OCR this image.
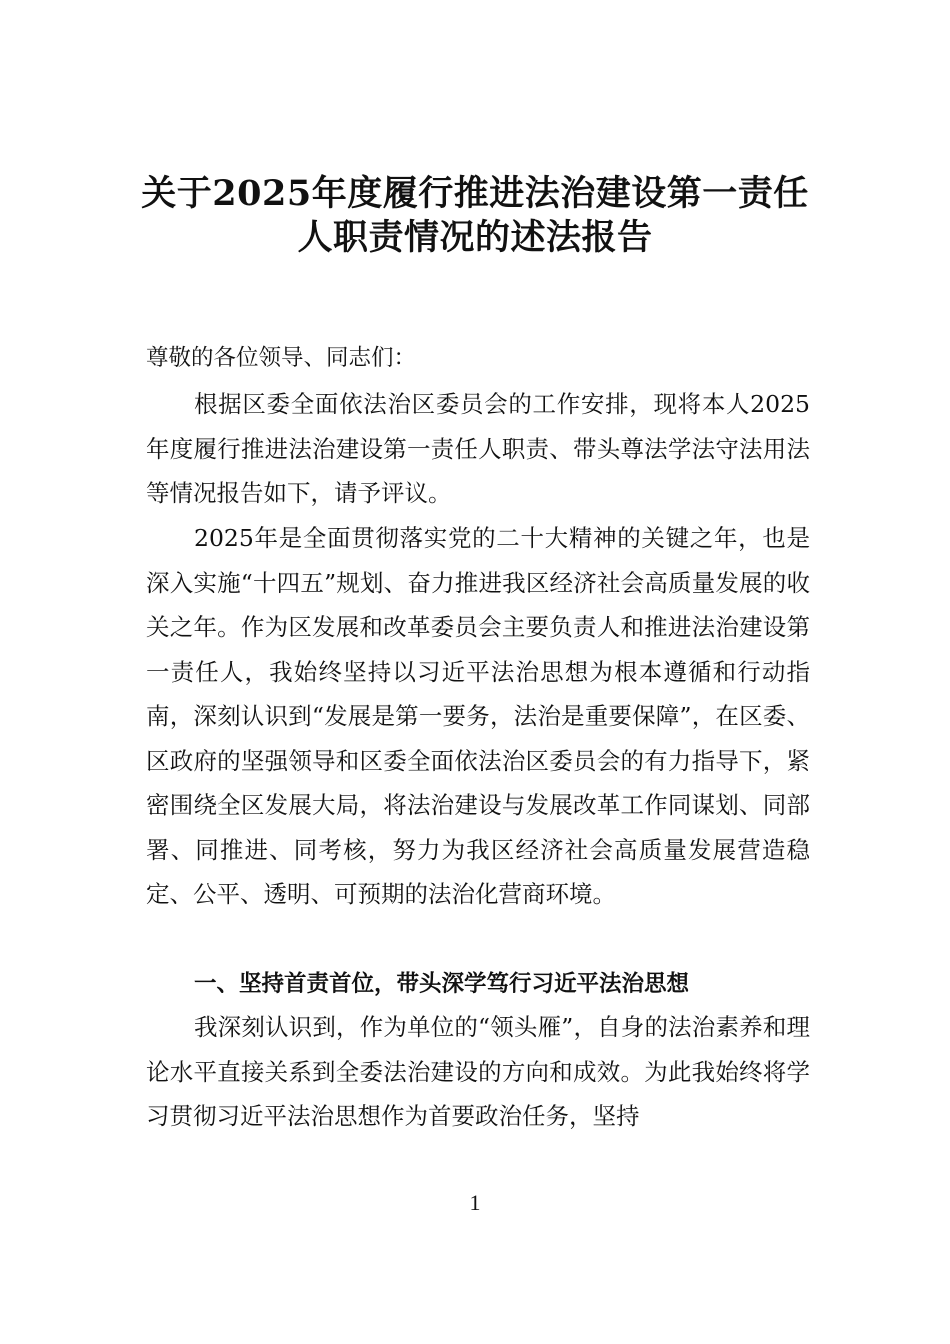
关于2025年度履行推进法治建设第一责任
人职责情况的述法报告

尊敬的各位领导、同志们：

根据区委全面依法治区委员会的工作安排，现将本人2025年度履行推进法治建设第一责任人职责、带头尊法学法守法用法等情况报告如下，请予评议。

2025年是全面贯彻落实党的二十大精神的关键之年，也是深入实施“十四五”规划、奋力推进我区经济社会高质量发展的收关之年。作为区发展和改革委员会主要负责人和推进法治建设第一责任人，我始终坚持以习近平法治思想为根本遵循和行动指南，深刻认识到“发展是第一要务，法治是重要保障”，在区委、区政府的坚强领导和区委全面依法治区委员会的有力指导下，紧密围绕全区发展大局，将法治建设与发展改革工作同谋划、同部署、同推进、同考核，努力为我区经济社会高质量发展营造稳定、公平、透明、可预期的法治化营商环境。

一、坚持首责首位，带头深学笃行习近平法治思想

我深刻认识到，作为单位的“领头雁”，自身的法治素养和理论水平直接关系到全委法治建设的方向和成效。为此我始终将学习贯彻习近平法治思想作为首要政治任务，坚持

1
